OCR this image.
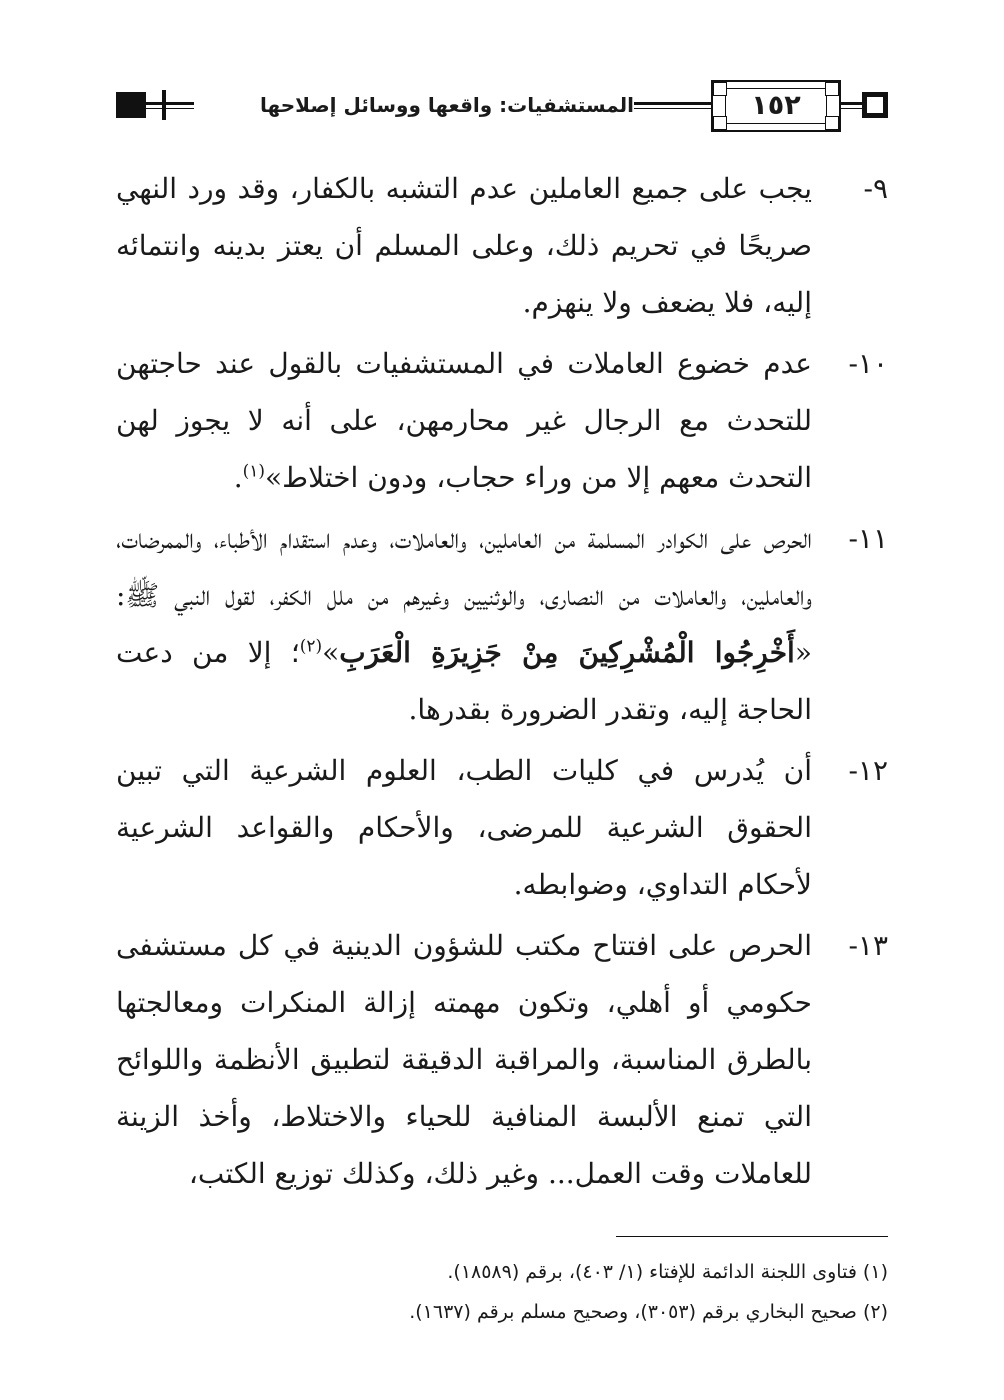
المستشفيات: واقعها ووسائل إصلاحها	١٥٢
٩-
يجب على جميع العاملين عدم التشبه بالكفار، وقد ورد النهي صريحًا في تحريم ذلك، وعلى المسلم أن يعتز بدينه وانتمائه إليه، فلا يضعف ولا ينهزم.
١٠-
عدم خضوع العاملات في المستشفيات بالقول عند حاجتهن للتحدث مع الرجال غير محارمهن، على أنه لا يجوز لهن التحدث معهم إلا من وراء حجاب، ودون اختلاط»$^{(١)}$.
١١-
الحرص على الكوادر المسلمة من العاملين، والعاملات، وعدم استقدام الأطباء، والممرضات، والعاملين، والعاملات من النصارى، والوثنيين وغيرهم من ملل الكفر، لقول النبي ﷺ: «أَخْرِجُوا الْمُشْرِكِينَ مِنْ جَزِيرَةِ الْعَرَبِ»$^{(٢)}$؛ إلا من دعت الحاجة إليه، وتقدر الضرورة بقدرها.
١٢-
أن يُدرس في كليات الطب، العلوم الشرعية التي تبين الحقوق الشرعية للمرضى، والأحكام والقواعد الشرعية لأحكام التداوي، وضوابطه.
١٣-
الحرص على افتتاح مكتب للشؤون الدينية في كل مستشفى حكومي أو أهلي، وتكون مهمته إزالة المنكرات ومعالجتها بالطرق المناسبة، والمراقبة الدقيقة لتطبيق الأنظمة واللوائح التي تمنع الألبسة المنافية للحياء والاختلاط، وأخذ الزينة للعاملات وقت العمل... وغير ذلك، وكذلك توزيع الكتب،
(١) فتاوى اللجنة الدائمة للإفتاء (١/ ٤٠٣)، برقم (١٨٥٨٩).
(٢) صحيح البخاري برقم (٣٠٥٣)، وصحيح مسلم برقم (١٦٣٧).
